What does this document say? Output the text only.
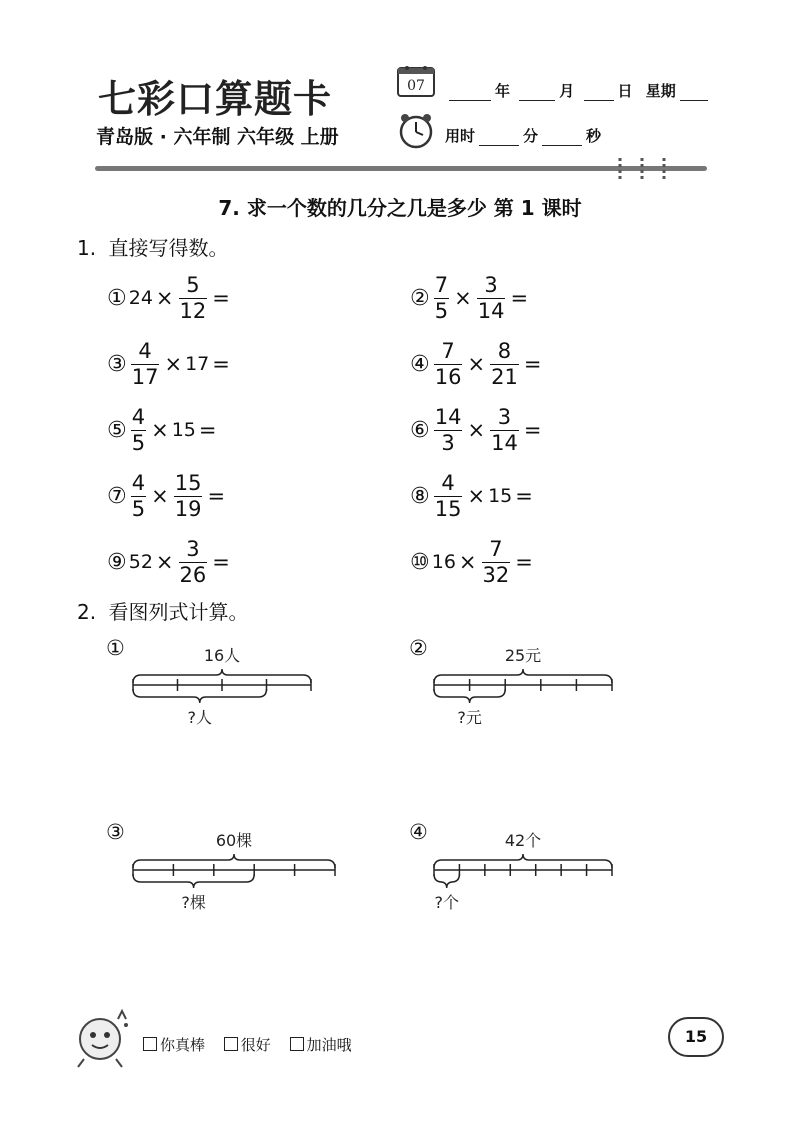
七彩口算题卡
青岛版 · 六年制 六年级 上册
07	年	月	日 星期
用时	分	秒
7. 求一个数的几分之几是多少 第 1 课时
1. 直接写得数。
① $24 \times \frac{5}{12}$ =	② $\frac{7}{5} \times \frac{3}{14}$ =
③ $\frac{4}{17} \times 17$ =	④ $\frac{7}{16} \times \frac{8}{21}$ =
⑤ $\frac{4}{5} \times 15$ =	⑥ $\frac{14}{3} \times \frac{3}{14}$ =
⑦ $\frac{4}{5} \times \frac{15}{19}$ =	⑧ $\frac{4}{15} \times 15$ =
⑨ $52 \times \frac{3}{26}$ =	⑩ $16 \times \frac{7}{32}$ =
2. 看图列式计算。
①	16人
?人
②	25元
?元
③	60棵
?棵
④	42个
?个
你真棒 很好 加油哦	15
